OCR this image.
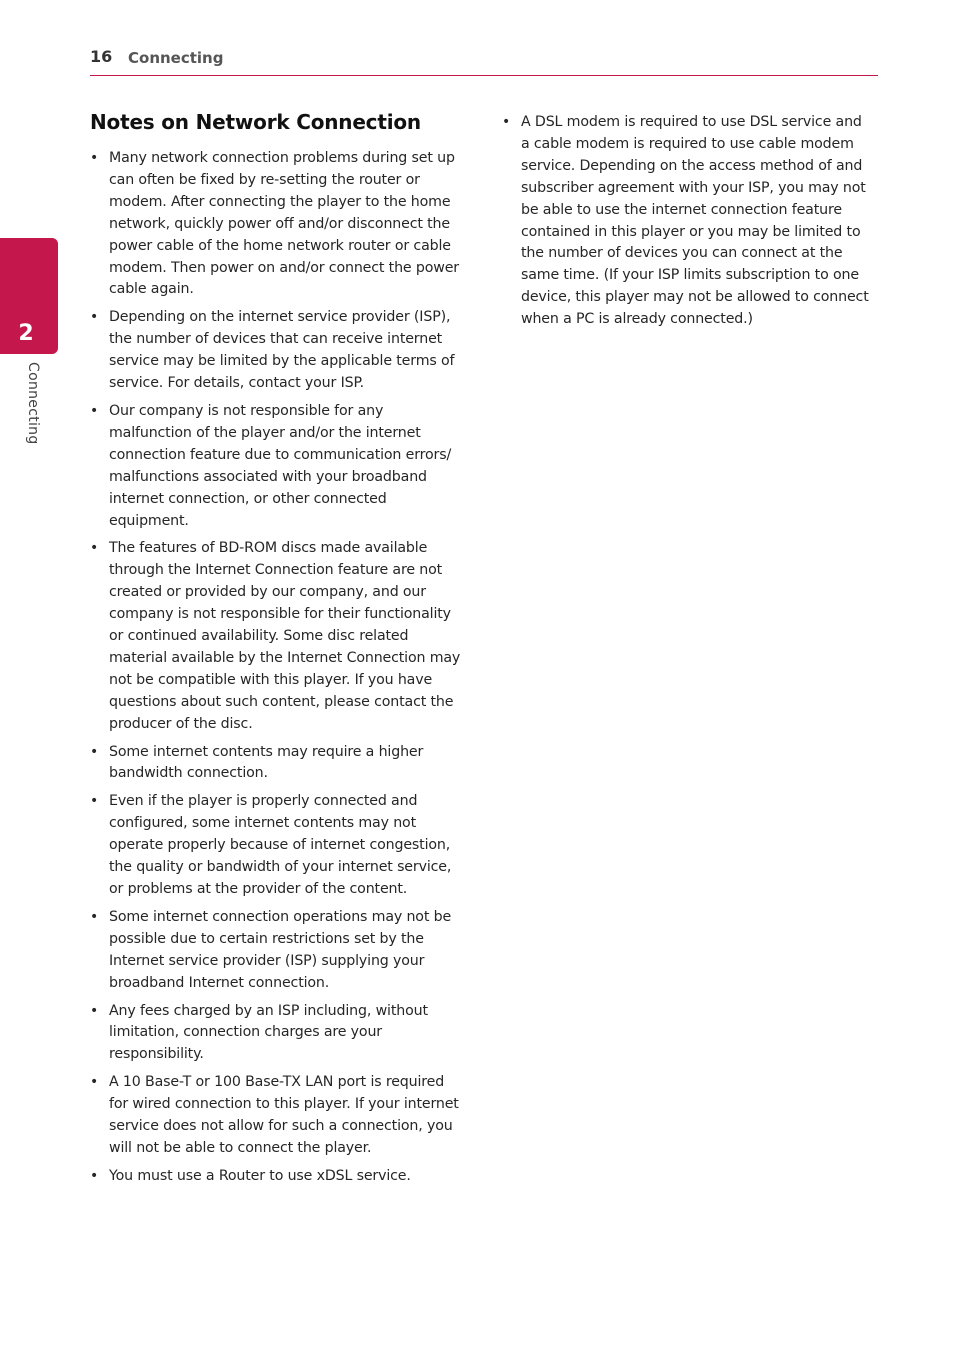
16 Connecting
2
Connecting
Notes on Network Connection
• Many network connection problems during set up can often be fixed by re-setting the router or modem. After connecting the player to the home network, quickly power off and/or disconnect the power cable of the home network router or cable modem. Then power on and/or connect the power cable again.
• Depending on the internet service provider (ISP), the number of devices that can receive internet service may be limited by the applicable terms of service. For details, contact your ISP.
• Our company is not responsible for any malfunction of the player and/or the internet connection feature due to communication errors/ malfunctions associated with your broadband internet connection, or other connected equipment.
• The features of BD-ROM discs made available through the Internet Connection feature are not created or provided by our company, and our company is not responsible for their functionality or continued availability. Some disc related material available by the Internet Connection may not be compatible with this player. If you have questions about such content, please contact the producer of the disc.
• Some internet contents may require a higher bandwidth connection.
• Even if the player is properly connected and configured, some internet contents may not operate properly because of internet congestion, the quality or bandwidth of your internet service, or problems at the provider of the content.
• Some internet connection operations may not be possible due to certain restrictions set by the Internet service provider (ISP) supplying your broadband Internet connection.
• Any fees charged by an ISP including, without limitation, connection charges are your responsibility.
• A 10 Base-T or 100 Base-TX LAN port is required for wired connection to this player. If your internet service does not allow for such a connection, you will not be able to connect the player.
• You must use a Router to use xDSL service.
• A DSL modem is required to use DSL service and a cable modem is required to use cable modem service. Depending on the access method of and subscriber agreement with your ISP, you may not be able to use the internet connection feature contained in this player or you may be limited to the number of devices you can connect at the same time. (If your ISP limits subscription to one device, this player may not be allowed to connect when a PC is already connected.)
